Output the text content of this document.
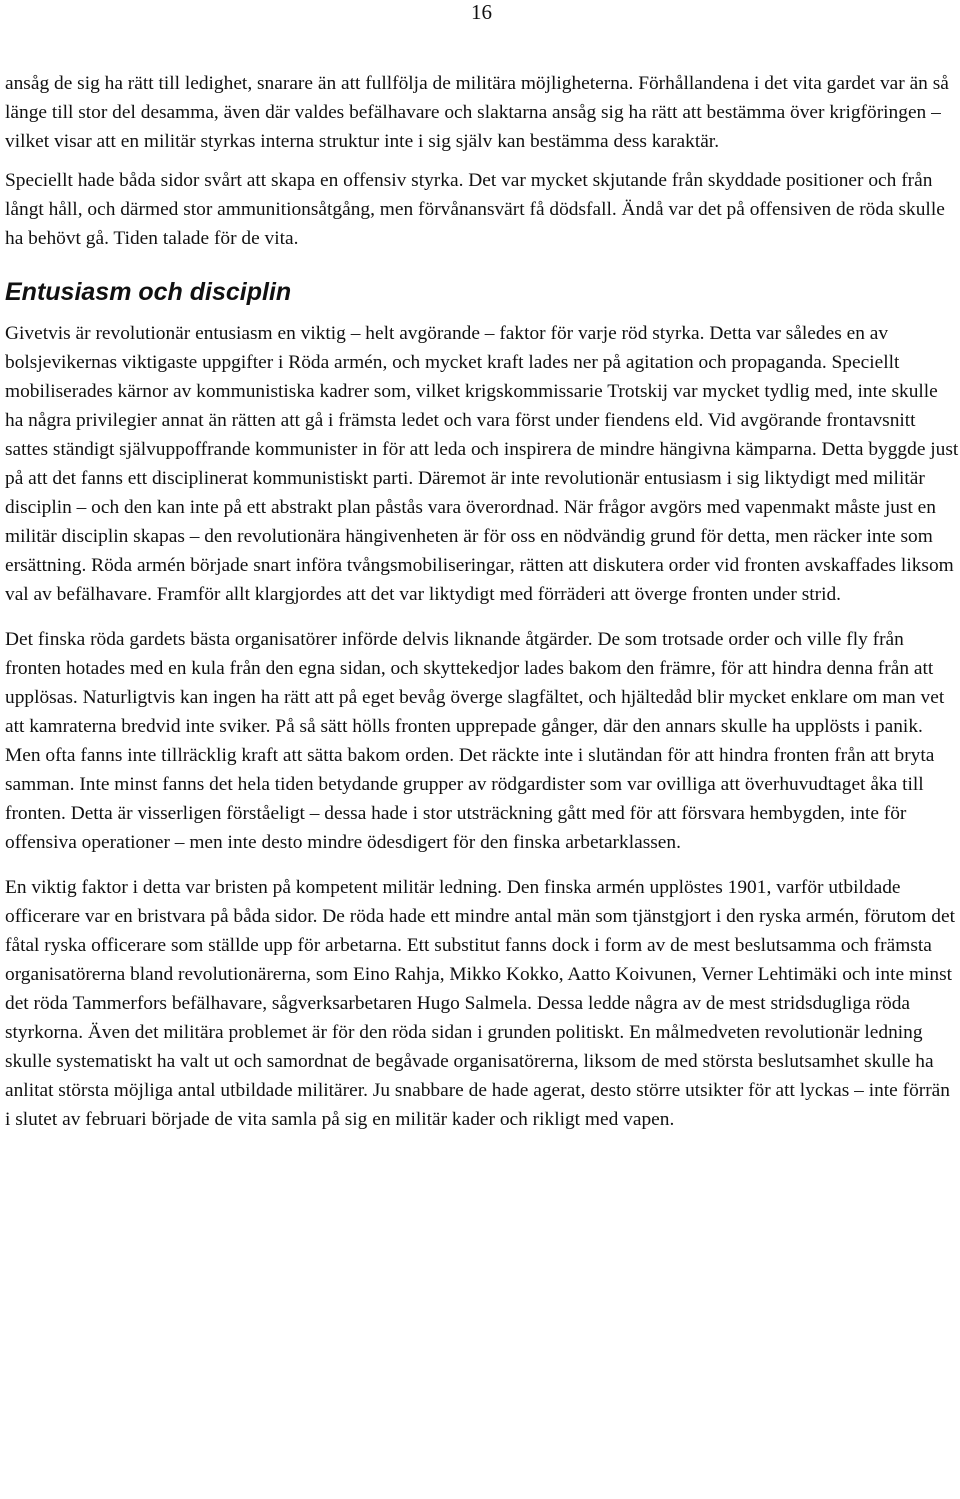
16

ansåg de sig ha rätt till ledighet, snarare än att fullfölja de militära möjligheterna. Förhållandena i det vita gardet var än så länge till stor del desamma, även där valdes befälhavare och slaktarna ansåg sig ha rätt att bestämma över krigföringen – vilket visar att en militär styrkas interna struktur inte i sig själv kan bestämma dess karaktär.

Speciellt hade båda sidor svårt att skapa en offensiv styrka. Det var mycket skjutande från skyddade positioner och från långt håll, och därmed stor ammunitionsåtgång, men förvånansvärt få dödsfall. Ändå var det på offensiven de röda skulle ha behövt gå. Tiden talade för de vita.

Entusiasm och disciplin

Givetvis är revolutionär entusiasm en viktig – helt avgörande – faktor för varje röd styrka. Detta var således en av bolsjevikernas viktigaste uppgifter i Röda armén, och mycket kraft lades ner på agitation och propaganda. Speciellt mobiliserades kärnor av kommunistiska kadrer som, vilket krigskommissarie Trotskij var mycket tydlig med, inte skulle ha några privilegier annat än rätten att gå i främsta ledet och vara först under fiendens eld. Vid avgörande frontavsnitt sattes ständigt självuppoffrande kommunister in för att leda och inspirera de mindre hängivna kämparna. Detta byggde just på att det fanns ett disciplinerat kommunistiskt parti. Däremot är inte revolutionär entusiasm i sig liktydigt med militär disciplin – och den kan inte på ett abstrakt plan påstås vara överordnad. När frågor avgörs med vapenmakt måste just en militär disciplin skapas – den revolutionära hängivenheten är för oss en nödvändig grund för detta, men räcker inte som ersättning. Röda armén började snart införa tvångsmobiliseringar, rätten att diskutera order vid fronten avskaffades liksom val av befälhavare. Framför allt klargjordes att det var liktydigt med förräderi att överge fronten under strid.

Det finska röda gardets bästa organisatörer införde delvis liknande åtgärder. De som trotsade order och ville fly från fronten hotades med en kula från den egna sidan, och skyttekedjor lades bakom den främre, för att hindra denna från att upplösas. Naturligtvis kan ingen ha rätt att på eget bevåg överge slagfältet, och hjältedåd blir mycket enklare om man vet att kamraterna bredvid inte sviker. På så sätt hölls fronten upprepade gånger, där den annars skulle ha upplösts i panik. Men ofta fanns inte tillräcklig kraft att sätta bakom orden. Det räckte inte i slutändan för att hindra fronten från att bryta samman. Inte minst fanns det hela tiden betydande grupper av rödgardister som var ovilliga att överhuvudtaget åka till fronten. Detta är visserligen förståeligt – dessa hade i stor utsträckning gått med för att försvara hembygden, inte för offensiva operationer – men inte desto mindre ödesdigert för den finska arbetarklassen.

En viktig faktor i detta var bristen på kompetent militär ledning. Den finska armén upplöstes 1901, varför utbildade officerare var en bristvara på båda sidor. De röda hade ett mindre antal män som tjänstgjort i den ryska armén, förutom det fåtal ryska officerare som ställde upp för arbetarna. Ett substitut fanns dock i form av de mest beslutsamma och främsta organisatörerna bland revolutionärerna, som Eino Rahja, Mikko Kokko, Aatto Koivunen, Verner Lehtimäki och inte minst det röda Tammerfors befälhavare, sågverksarbetaren Hugo Salmela. Dessa ledde några av de mest stridsdugliga röda styrkorna. Även det militära problemet är för den röda sidan i grunden politiskt. En målmedveten revolutionär ledning skulle systematiskt ha valt ut och samordnat de begåvade organisatörerna, liksom de med största beslutsamhet skulle ha anlitat största möjliga antal utbildade militärer. Ju snabbare de hade agerat, desto större utsikter för att lyckas – inte förrän i slutet av februari började de vita samla på sig en militär kader och rikligt med vapen.
